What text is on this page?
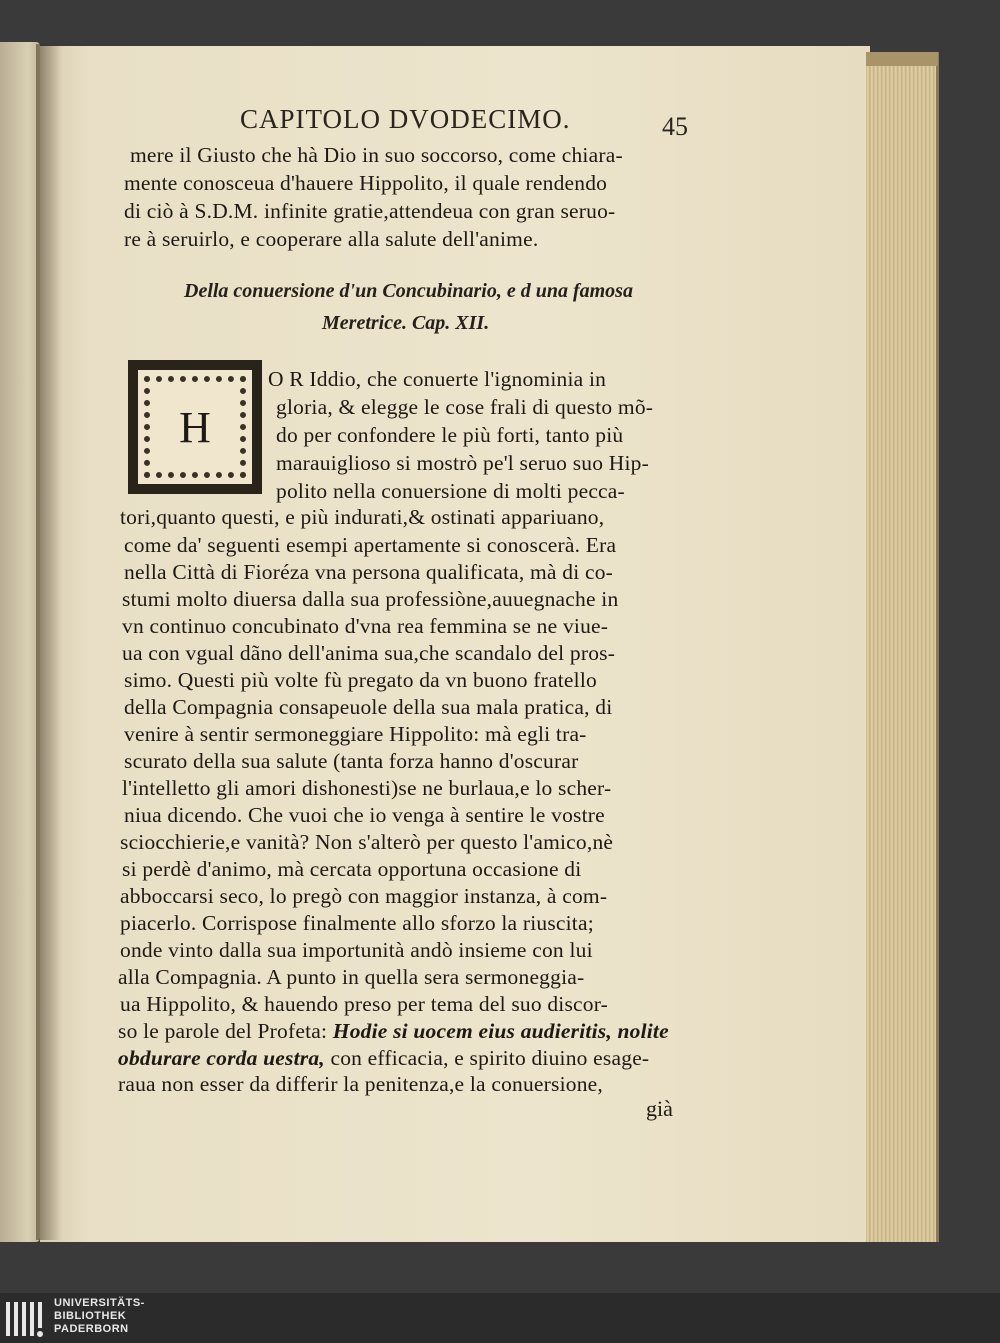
CAPITOLO DVODECIMO.	45
mere il Giusto che hà Dio in suo soccorso, come chiara-
mente conosceua d'hauere Hippolito, il quale rendendo
di ciò à S.D.M. infinite gratie,attendeua con gran seruo-
re à seruirlo, e cooperare alla salute dell'anime.
Della conuersione d'un Concubinario, e d una famosa
Meretrice. Cap. XII.
H
O R Iddio, che conuerte l'ignominia in
gloria, & elegge le cose frali di questo mõ-
do per confondere le più forti, tanto più
marauiglioso si mostrò pe'l seruo suo Hip-
polito nella conuersione di molti pecca-
tori,quanto questi, e più indurati,& ostinati appariuano,
come da' seguenti esempi apertamente si conoscerà. Era
nella Città di Fioréza vna persona qualificata, mà di co-
stumi molto diuersa dalla sua professiòne,auuegnache in
vn continuo concubinato d'vna rea femmina se ne viue-
ua con vgual dãno dell'anima sua,che scandalo del pros-
simo. Questi più volte fù pregato da vn buono fratello
della Compagnia consapeuole della sua mala pratica, di
venire à sentir sermoneggiare Hippolito: mà egli tra-
scurato della sua salute (tanta forza hanno d'oscurar
l'intelletto gli amori dishonesti)se ne burlaua,e lo scher-
niua dicendo. Che vuoi che io venga à sentire le vostre
sciocchierie,e vanità? Non s'alterò per questo l'amico,nè
si perdè d'animo, mà cercata opportuna occasione di
abboccarsi seco, lo pregò con maggior instanza, à com-
piacerlo. Corrispose finalmente allo sforzo la riuscita;
onde vinto dalla sua importunità andò insieme con lui
alla Compagnia. A punto in quella sera sermoneggia-
ua Hippolito, & hauendo preso per tema del suo discor-
so le parole del Profeta: Hodie si uocem eius audieritis, nolite
obdurare corda uestra, con efficacia, e spirito diuino esage-
raua non esser da differir la penitenza,e la conuersione,
già
UNIVERSITÄTS-
BIBLIOTHEK
PADERBORN
